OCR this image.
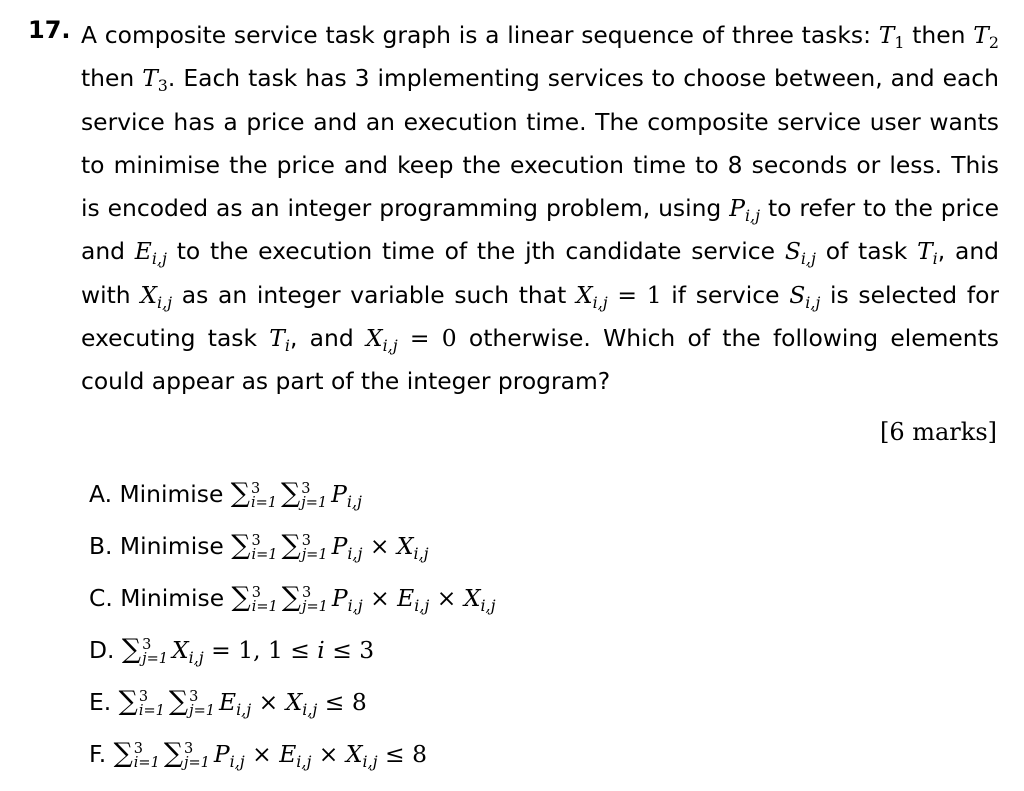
17. A composite service task graph is a linear sequence of three tasks: $T_1$ then $T_2$ then $T_3$. Each task has 3 implementing services to choose between, and each service has a price and an execution time. The composite service user wants to minimise the price and keep the execution time to 8 seconds or less. This is encoded as an integer programming problem, using $P_{i,j}$ to refer to the price and $E_{i,j}$ to the execution time of the jth candidate service $S_{i,j}$ of task $T_i$, and with $X_{i,j}$ as an integer variable such that $X_{i,j} = 1$ if service $S_{i,j}$ is selected for executing task $T_i$, and $X_{i,j} = 0$ otherwise. Which of the following elements could appear as part of the integer program?

[6 marks]
A. Minimise ∑ 3
i=1 ∑ 3
j=1 $P_{i,j}$
B. Minimise ∑ 3
i=1 ∑ 3
j=1 $P_{i,j} \times X_{i,j}$
C. Minimise ∑ 3
i=1 ∑ 3
j=1 $P_{i,j} \times E_{i,j} \times X_{i,j}$
D. ∑ 3
j=1 $X_{i,j} = 1$, 1 ≤ i ≤ 3
E. ∑ 3
i=1 ∑ 3
j=1 $E_{i,j} \times X_{i,j} \le 8$
F. ∑ 3
i=1 ∑ 3
j=1 $P_{i,j} \times E_{i,j} \times X_{i,j} \le 8$
